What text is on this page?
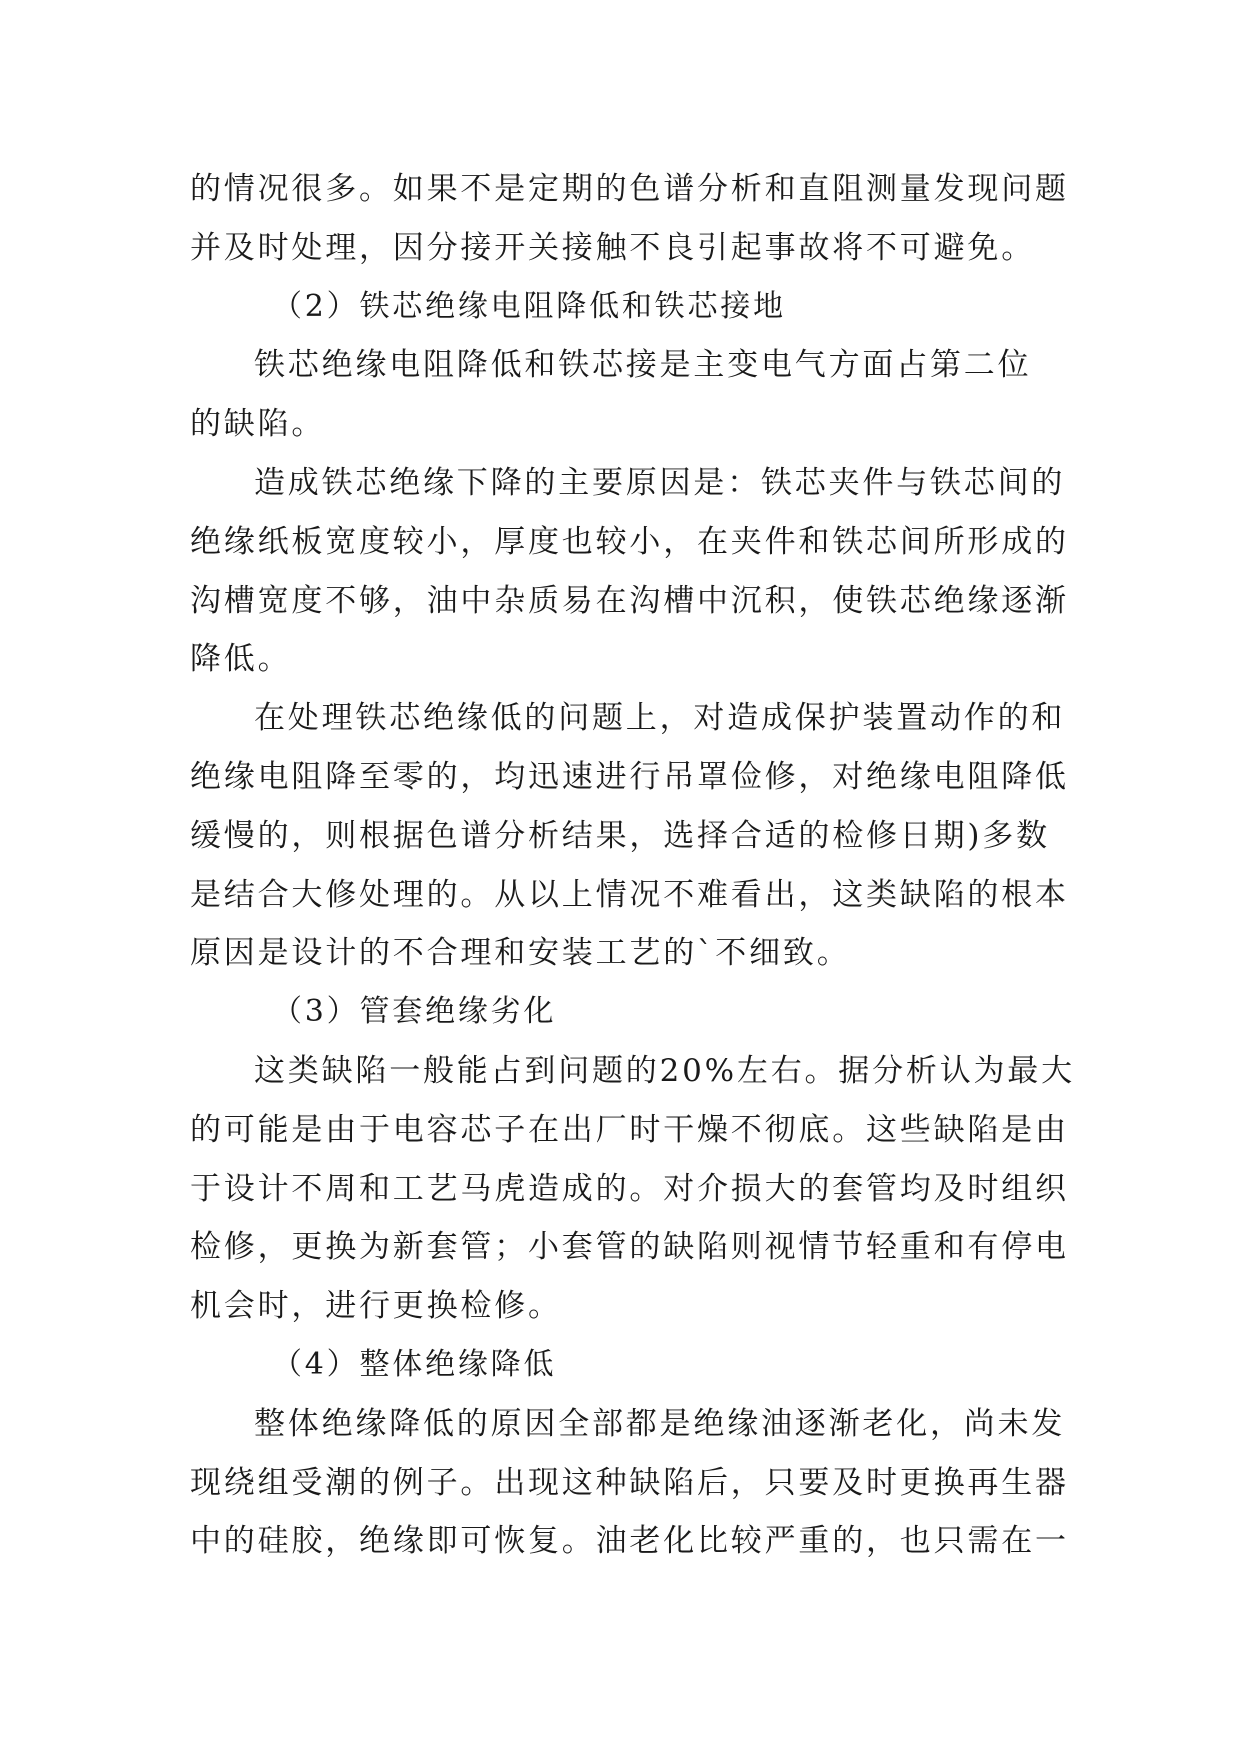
的情况很多。如果不是定期的色谱分析和直阻测量发现问题
并及时处理，因分接开关接触不良引起事故将不可避免。
（2）铁芯绝缘电阻降低和铁芯接地
铁芯绝缘电阻降低和铁芯接是主变电气方面占第二位
的缺陷。
造成铁芯绝缘下降的主要原因是：铁芯夹件与铁芯间的
绝缘纸板宽度较小，厚度也较小，在夹件和铁芯间所形成的
沟槽宽度不够，油中杂质易在沟槽中沉积，使铁芯绝缘逐渐
降低。
在处理铁芯绝缘低的问题上，对造成保护装置动作的和
绝缘电阻降至零的，均迅速进行吊罩俭修，对绝缘电阻降低
缓慢的，则根据色谱分析结果，选择合适的检修日期)多数
是结合大修处理的。从以上情况不难看出，这类缺陷的根本
原因是设计的不合理和安装工艺的`不细致。
（3）管套绝缘劣化
这类缺陷一般能占到问题的20%左右。据分析认为最大
的可能是由于电容芯子在出厂时干燥不彻底。这些缺陷是由
于设计不周和工艺马虎造成的。对介损大的套管均及时组织
检修，更换为新套管；小套管的缺陷则视情节轻重和有停电
机会时，进行更换检修。
（4）整体绝缘降低
整体绝缘降低的原因全部都是绝缘油逐渐老化，尚未发
现绕组受潮的例子。出现这种缺陷后，只要及时更换再生器
中的硅胶，绝缘即可恢复。油老化比较严重的，也只需在一
